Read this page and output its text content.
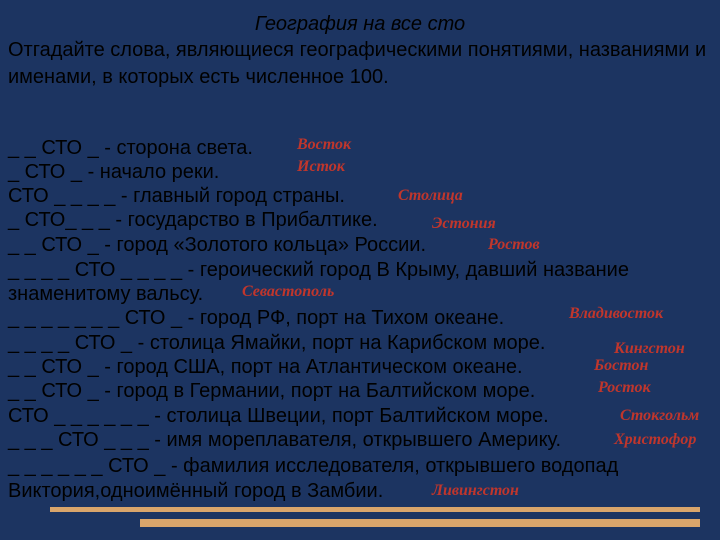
География на все сто
Отгадайте слова, являющиеся географическими понятиями, названиями и именами, в которых есть численное 100.
_ _ СТО _ - сторона света.
_ СТО _ - начало реки.
СТО _ _ _ _ - главный город страны.
_ СТО_ _ _ - государство в Прибалтике.
_ _ СТО _ - город «Золотого кольца» России.
_ _ _ _ СТО _ _ _ _ - героический город В Крыму, давший название
знаменитому вальсу.
_ _ _ _ _ _ _ СТО _ - город РФ, порт на Тихом океане.
_ _ _ _ СТО _ - столица Ямайки, порт на Карибском море.
_ _ СТО _ - город США, порт на Атлантическом океане.
_ _ СТО _ - город в Германии, порт на Балтийском море.
СТО _ _ _ _ _ _ - столица Швеции, порт Балтийском море.
_ _ _ СТО _ _ _ - имя мореплавателя, открывшего Америку.
_ _ _ _ _ _ СТО _ - фамилия исследователя, открывшего водопад
Виктория,одноимённый город в Замбии.
Восток
Исток
Столица
Эстония
Ростов
Севастополь
Владивосток
Кингстон
Бостон
Росток
Стокгольм
Христофор
Ливингстон
